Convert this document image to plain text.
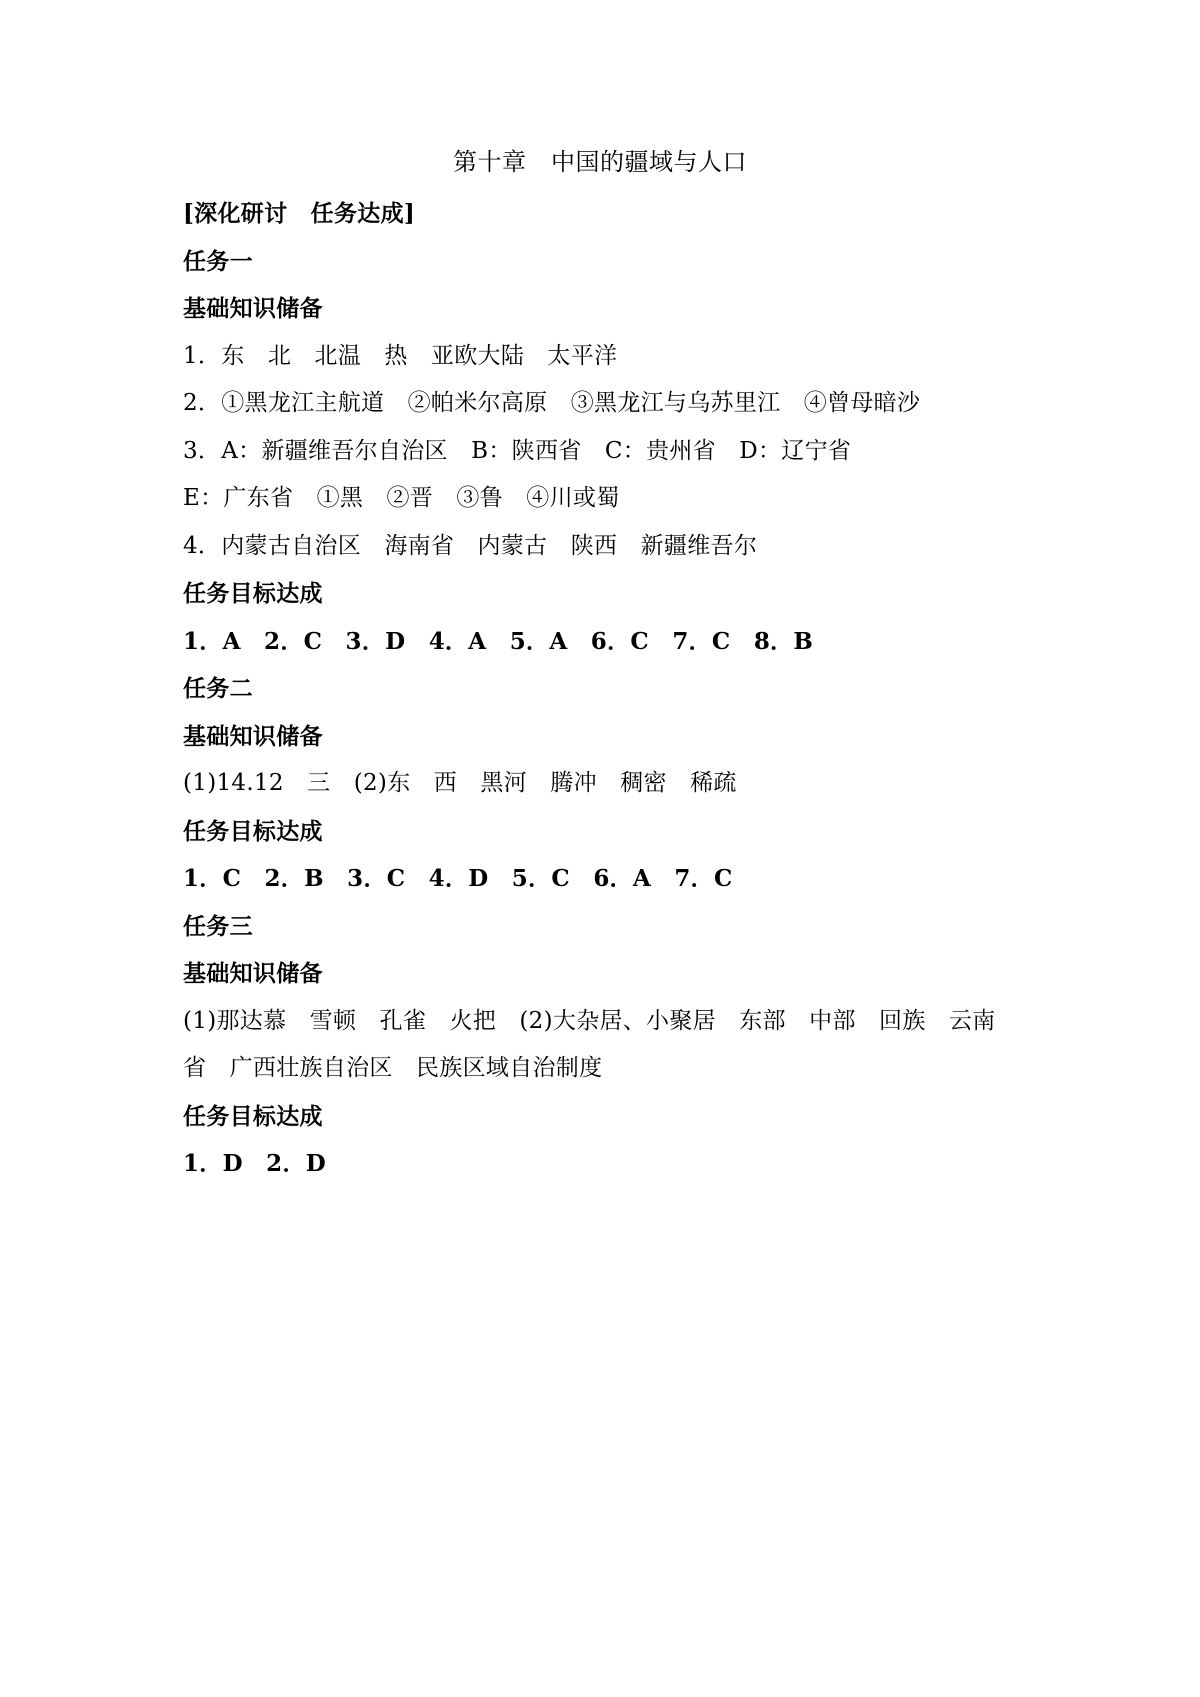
第十章　中国的疆域与人口
[深化研讨　任务达成]
任务一
基础知识储备
1．东　北　北温　热　亚欧大陆　太平洋
2．①黑龙江主航道　②帕米尔高原　③黑龙江与乌苏里江　④曾母暗沙
3．A：新疆维吾尔自治区　B：陕西省　C：贵州省　D：辽宁省
E：广东省　①黑　②晋　③鲁　④川或蜀
4．内蒙古自治区　海南省　内蒙古　陕西　新疆维吾尔
任务目标达成
1．A　2．C　3．D　4．A　5．A　6．C　7．C　8．B
任务二
基础知识储备
(1)14.12　三　(2)东　西　黑河　腾冲　稠密　稀疏
任务目标达成
1．C　2．B　3．C　4．D　5．C　6．A　7．C
任务三
基础知识储备
(1)那达慕　雪顿　孔雀　火把　(2)大杂居、小聚居　东部　中部　回族　云南
省　广西壮族自治区　民族区域自治制度
任务目标达成
1．D　2．D
